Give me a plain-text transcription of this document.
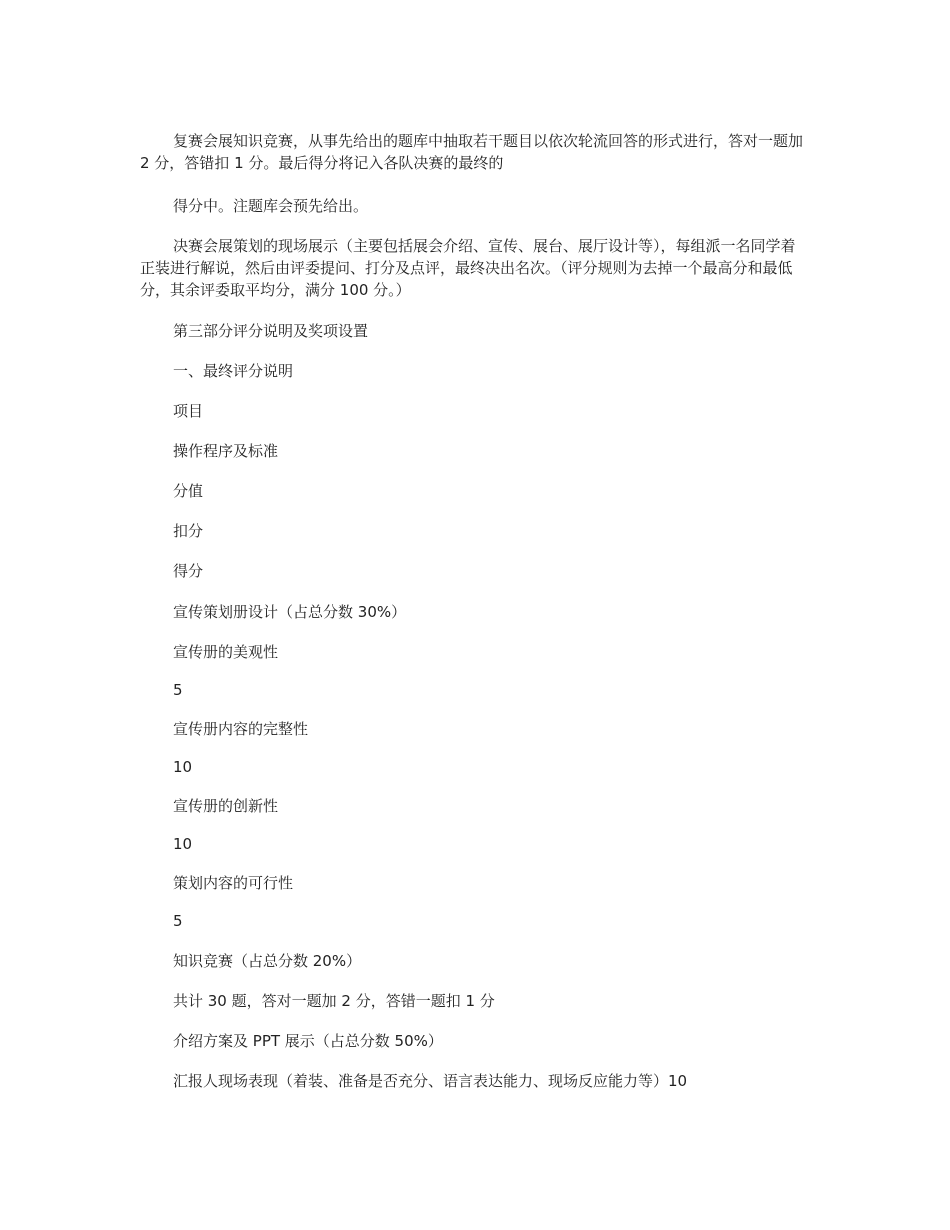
复赛会展知识竞赛，从事先给出的题库中抽取若干题目以依次轮流回答的形式进行，答对一题加 2 分，答错扣 1 分。最后得分将记入各队决赛的最终的

得分中。注题库会预先给出。

决赛会展策划的现场展示（主要包括展会介绍、宣传、展台、展厅设计等），每组派一名同学着正装进行解说，然后由评委提问、打分及点评，最终决出名次。（评分规则为去掉一个最高分和最低分，其余评委取平均分，满分 100 分。）

第三部分评分说明及奖项设置

一、最终评分说明

项目

操作程序及标准

分值

扣分

得分

宣传策划册设计（占总分数 30%）

宣传册的美观性

5

宣传册内容的完整性

10

宣传册的创新性

10

策划内容的可行性

5

知识竞赛（占总分数 20%）

共计 30 题，答对一题加 2 分，答错一题扣 1 分

介绍方案及 PPT 展示（占总分数 50%）

汇报人现场表现（着装、准备是否充分、语言表达能力、现场反应能力等）10
